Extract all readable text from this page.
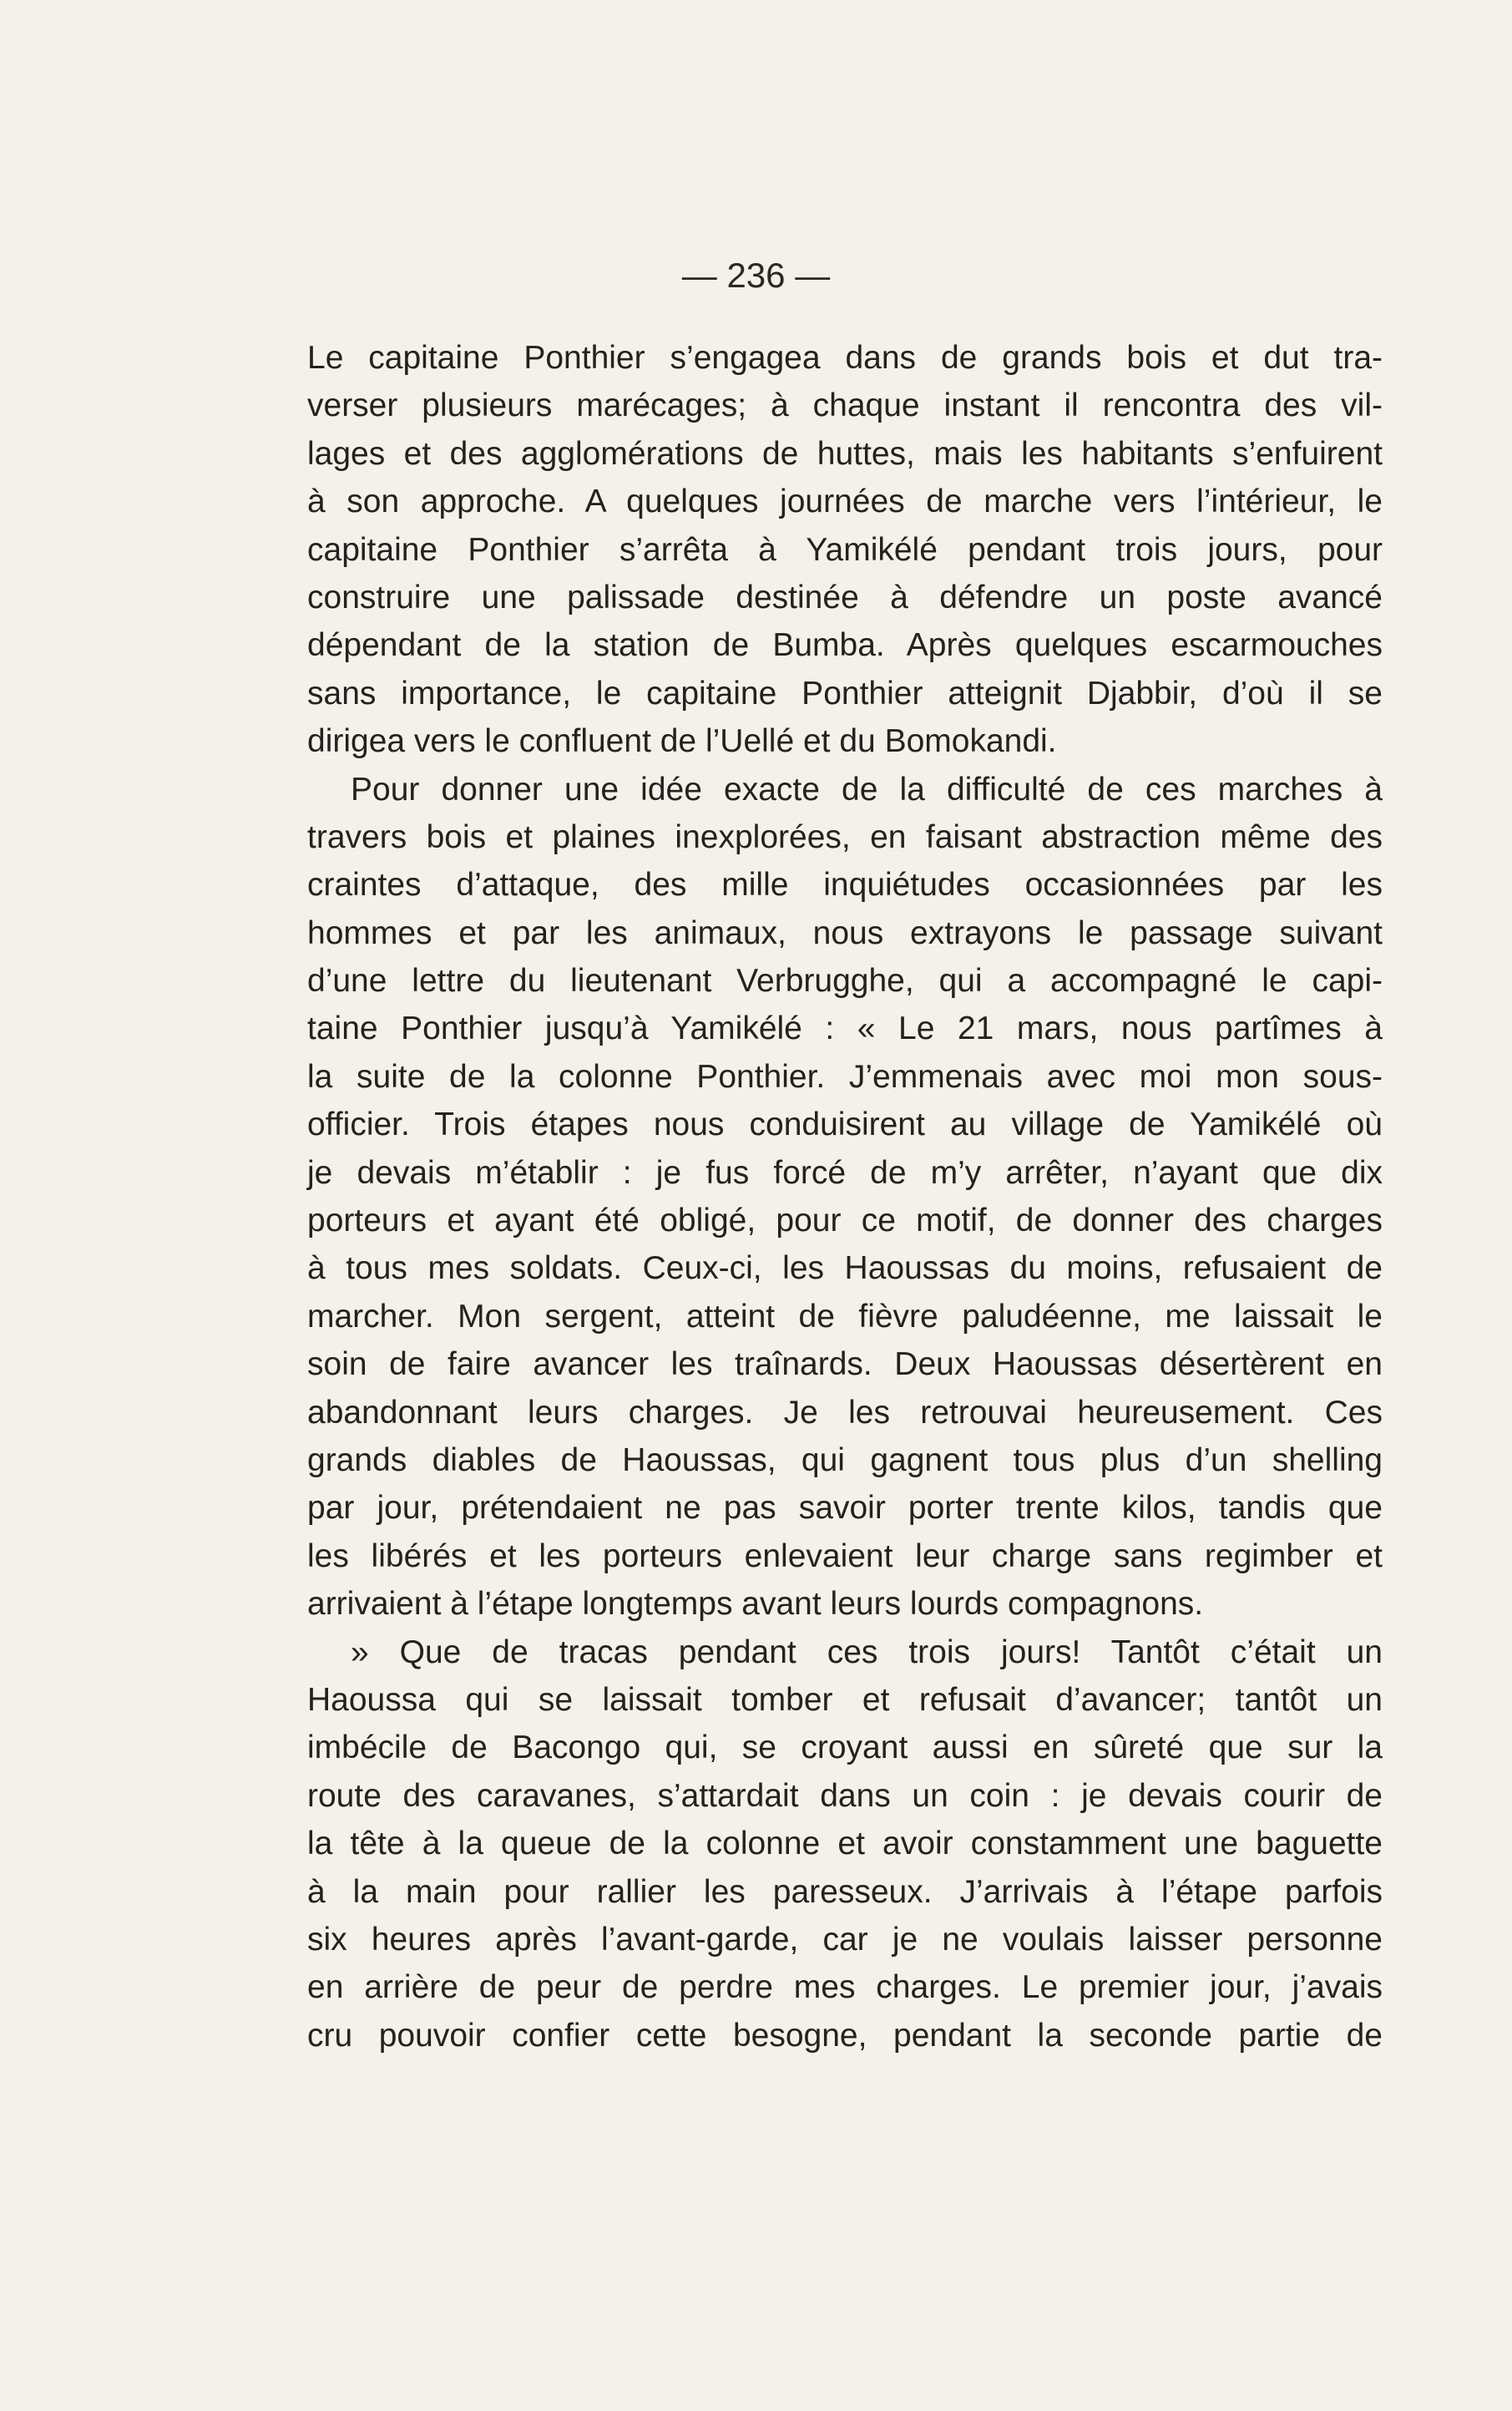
— 236 —
Le capitaine Ponthier s’engagea dans de grands bois et dut tra-
verser plusieurs marécages; à chaque instant il rencontra des vil-
lages et des agglomérations de huttes, mais les habitants s’enfuirent
à son approche. A quelques journées de marche vers l’intérieur, le
capitaine Ponthier s’arrêta à Yamikélé pendant trois jours, pour
construire une palissade destinée à défendre un poste avancé
dépendant de la station de Bumba. Après quelques escarmouches
sans importance, le capitaine Ponthier atteignit Djabbir, d’où il se
dirigea vers le confluent de l’Uellé et du Bomokandi.
Pour donner une idée exacte de la difficulté de ces marches à
travers bois et plaines inexplorées, en faisant abstraction même des
craintes d’attaque, des mille inquiétudes occasionnées par les
hommes et par les animaux, nous extrayons le passage suivant
d’une lettre du lieutenant Verbrugghe, qui a accompagné le capi-
taine Ponthier jusqu’à Yamikélé : « Le 21 mars, nous partîmes à
la suite de la colonne Ponthier. J’emmenais avec moi mon sous-
officier. Trois étapes nous conduisirent au village de Yamikélé où
je devais m’établir : je fus forcé de m’y arrêter, n’ayant que dix
porteurs et ayant été obligé, pour ce motif, de donner des charges
à tous mes soldats. Ceux-ci, les Haoussas du moins, refusaient de
marcher. Mon sergent, atteint de fièvre paludéenne, me laissait le
soin de faire avancer les traînards. Deux Haoussas désertèrent en
abandonnant leurs charges. Je les retrouvai heureusement. Ces
grands diables de Haoussas, qui gagnent tous plus d’un shelling
par jour, prétendaient ne pas savoir porter trente kilos, tandis que
les libérés et les porteurs enlevaient leur charge sans regimber et
arrivaient à l’étape longtemps avant leurs lourds compagnons.
» Que de tracas pendant ces trois jours! Tantôt c’était un
Haoussa qui se laissait tomber et refusait d’avancer; tantôt un
imbécile de Bacongo qui, se croyant aussi en sûreté que sur la
route des caravanes, s’attardait dans un coin : je devais courir de
la tête à la queue de la colonne et avoir constamment une baguette
à la main pour rallier les paresseux. J’arrivais à l’étape parfois
six heures après l’avant-garde, car je ne voulais laisser personne
en arrière de peur de perdre mes charges. Le premier jour, j’avais
cru pouvoir confier cette besogne, pendant la seconde partie de
